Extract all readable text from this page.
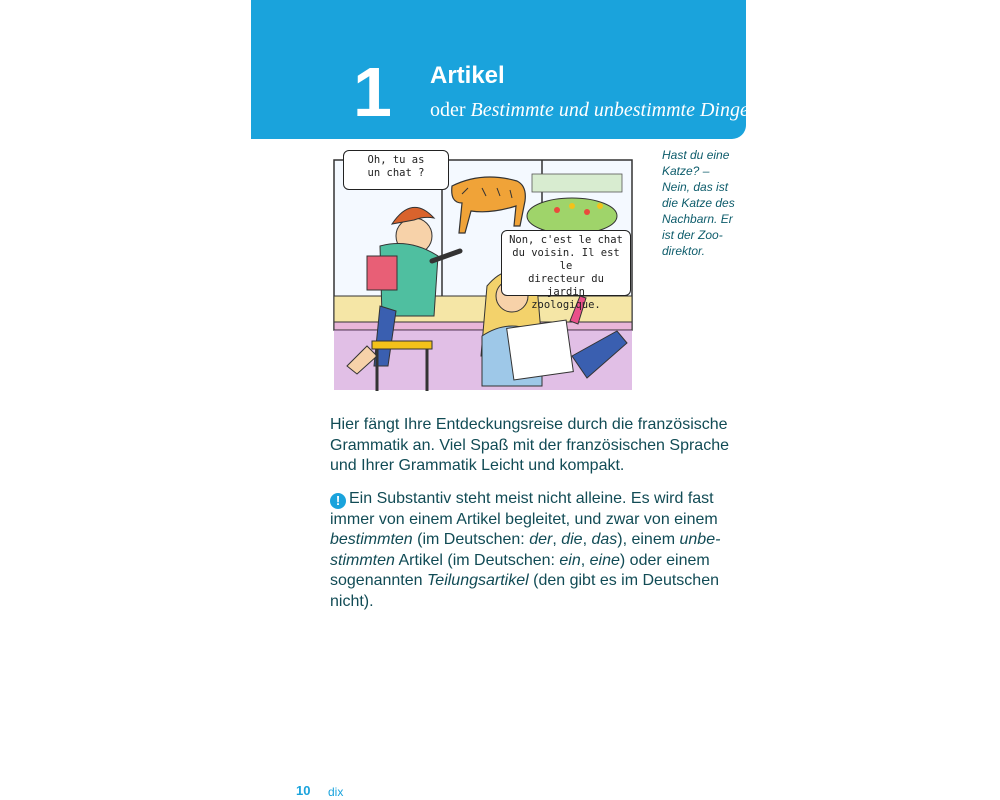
1 Artikel
oder Bestimmte und unbestimmte Dinge
Oh, tu as
un chat ?
Non, c'est le chat
du voisin. Il est le
directeur du jardin
zoologique.
Hast du eine
Katze? –
Nein, das ist
die Katze des
Nachbarn. Er
ist der Zoo-
direktor.
Hier fängt Ihre Entdeckungsreise durch die französische
Grammatik an. Viel Spaß mit der französischen Sprache
und Ihrer Grammatik Leicht und kompakt.
! Ein Substantiv steht meist nicht alleine. Es wird fast
immer von einem Artikel begleitet, und zwar von einem
bestimmten (im Deutschen: der, die, das), einem unbe-
stimmten Artikel (im Deutschen: ein, eine) oder einem
sogenannten Teilungsartikel (den gibt es im Deutschen
nicht).
10 dix
